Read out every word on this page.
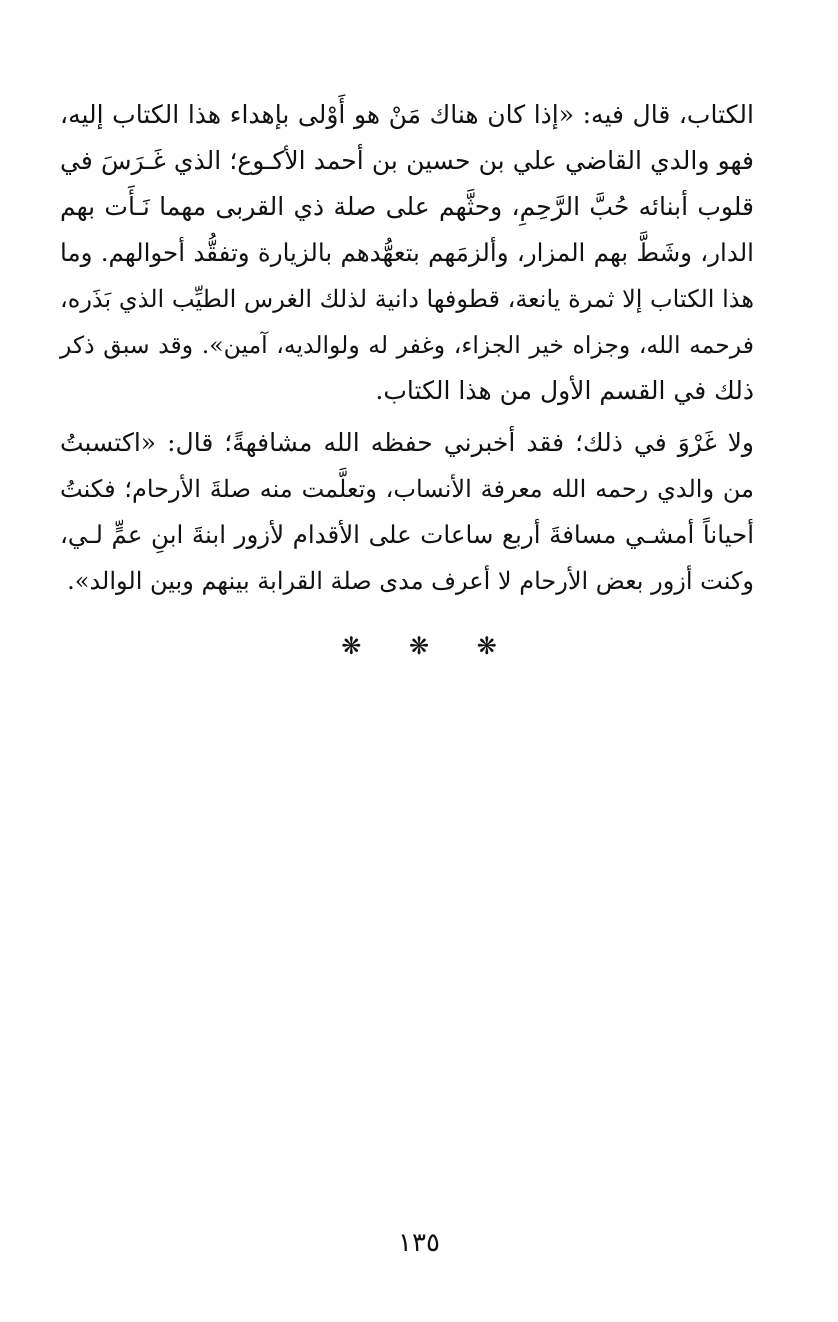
الكتاب، قال فيه: «إذا كان هناك مَنْ هو أَوْلى بإهداء هذا الكتاب إليه،
فهو والدي القاضي علي بن حسين بن أحمد الأكـوع؛ الذي غَـرَسَ في
قلوب أبنائه حُبَّ الرَّحِمِ، وحثَّهم على صلة ذي القربى مهما نَـأَت بهم
الدار، وشَطَّ بهم المزار، وألزمَهم بتعهُّدهم بالزيارة وتفقُّد أحوالهم. وما
هذا الكتاب إلا ثمرة يانعة، قطوفها دانية لذلك الغرس الطيِّب الذي بَذَره،
فرحمه الله، وجزاه خير الجزاء، وغفر له ولوالديه، آمين». وقد سبق ذكر
ذلك في القسم الأول من هذا الكتاب.
ولا غَرْوَ في ذلك؛ فقد أخبرني حفظه الله مشافهةً؛ قال: «اكتسبتُ
من والدي رحمه الله معرفة الأنساب، وتعلَّمت منه صلةَ الأرحام؛ فكنتُ
أحياناً أمشـي مسافةَ أربع ساعات على الأقدام لأزور ابنةَ ابنِ عمٍّ لـي،
وكنت أزور بعض الأرحام لا أعرف مدى صلة القرابة بينهم وبين الوالد».
❋ ❋ ❋
١٣٥
